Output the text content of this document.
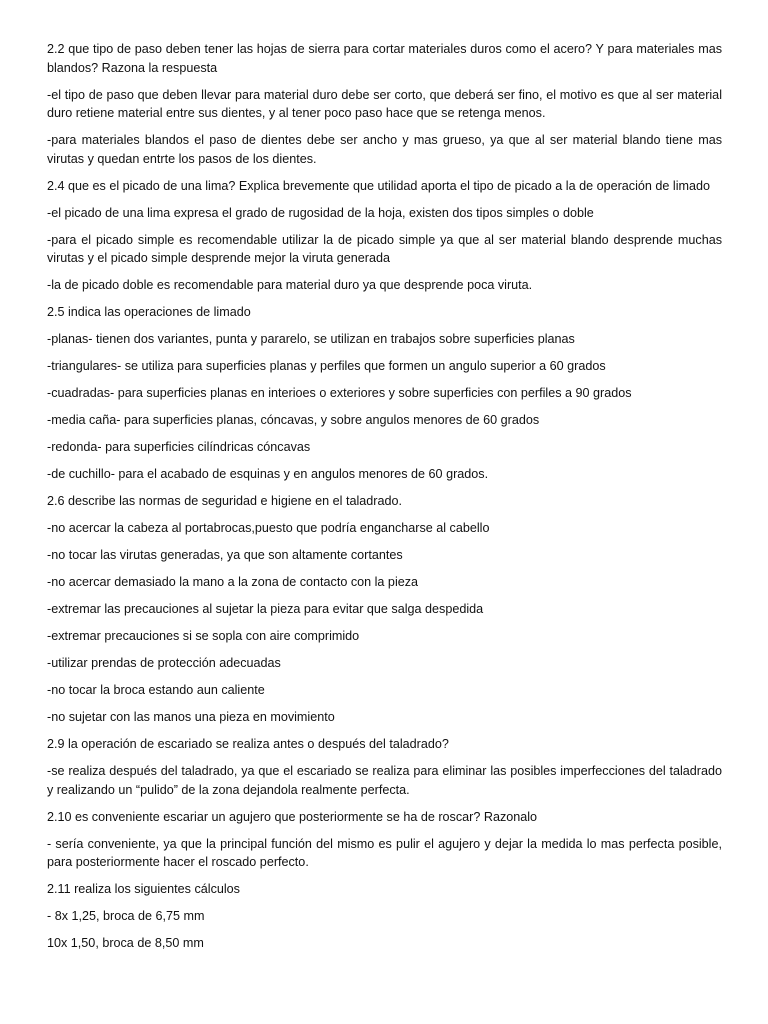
2.2 que tipo de paso deben tener las hojas de sierra para cortar materiales duros como el acero? Y para materiales mas blandos? Razona la respuesta

-el tipo de paso que deben llevar para material duro debe ser corto, que deberá ser fino, el motivo es que al ser material duro retiene material entre sus dientes, y al tener poco paso hace que se retenga menos.

-para materiales blandos el paso de dientes debe ser ancho y mas grueso, ya que al ser material blando tiene mas virutas y quedan entrte los pasos de los dientes.

2.4 que es el picado de una lima? Explica brevemente que utilidad aporta el tipo de picado a la de operación de limado

-el picado de una lima expresa el grado de rugosidad de la hoja, existen dos tipos simples o doble

-para el picado simple es recomendable utilizar la de picado simple ya que al ser material blando desprende muchas virutas y el picado simple desprende mejor la viruta generada

-la de picado doble es recomendable para material duro ya que desprende poca viruta.

2.5 indica las operaciones de limado

-planas- tienen dos variantes, punta y pararelo, se utilizan en trabajos sobre superficies planas

-triangulares- se utiliza para superficies planas y perfiles que formen un angulo superior a 60 grados

-cuadradas- para superficies planas en interioes o exteriores y sobre superficies con perfiles a 90 grados

-media caña- para superficies planas, cóncavas, y sobre angulos menores de 60 grados

-redonda- para superficies cilíndricas cóncavas

-de cuchillo- para el acabado de esquinas y en angulos menores de 60 grados.

2.6 describe las normas de seguridad e higiene en el taladrado.

-no acercar la cabeza al portabrocas,puesto que podría engancharse al cabello

-no tocar las virutas generadas, ya que son altamente cortantes

-no acercar demasiado la mano a la zona de contacto con la pieza

-extremar las precauciones al sujetar la pieza para evitar que salga despedida

-extremar precauciones si se sopla con aire comprimido

-utilizar prendas de protección adecuadas

-no tocar la broca estando aun caliente

-no sujetar con las manos una pieza en movimiento

2.9 la operación de escariado se realiza antes o después del taladrado?

-se realiza después del taladrado, ya que el escariado se realiza para eliminar las posibles imperfecciones del taladrado y realizando un “pulido” de la zona dejandola realmente perfecta.

2.10 es conveniente escariar un agujero que posteriormente se ha de roscar? Razonalo

- sería conveniente, ya que la principal función del mismo es pulir el agujero y dejar la medida lo mas perfecta posible, para posteriormente hacer el roscado perfecto.

2.11 realiza los siguientes cálculos

- 8x 1,25, broca de 6,75 mm

10x 1,50, broca de 8,50 mm
